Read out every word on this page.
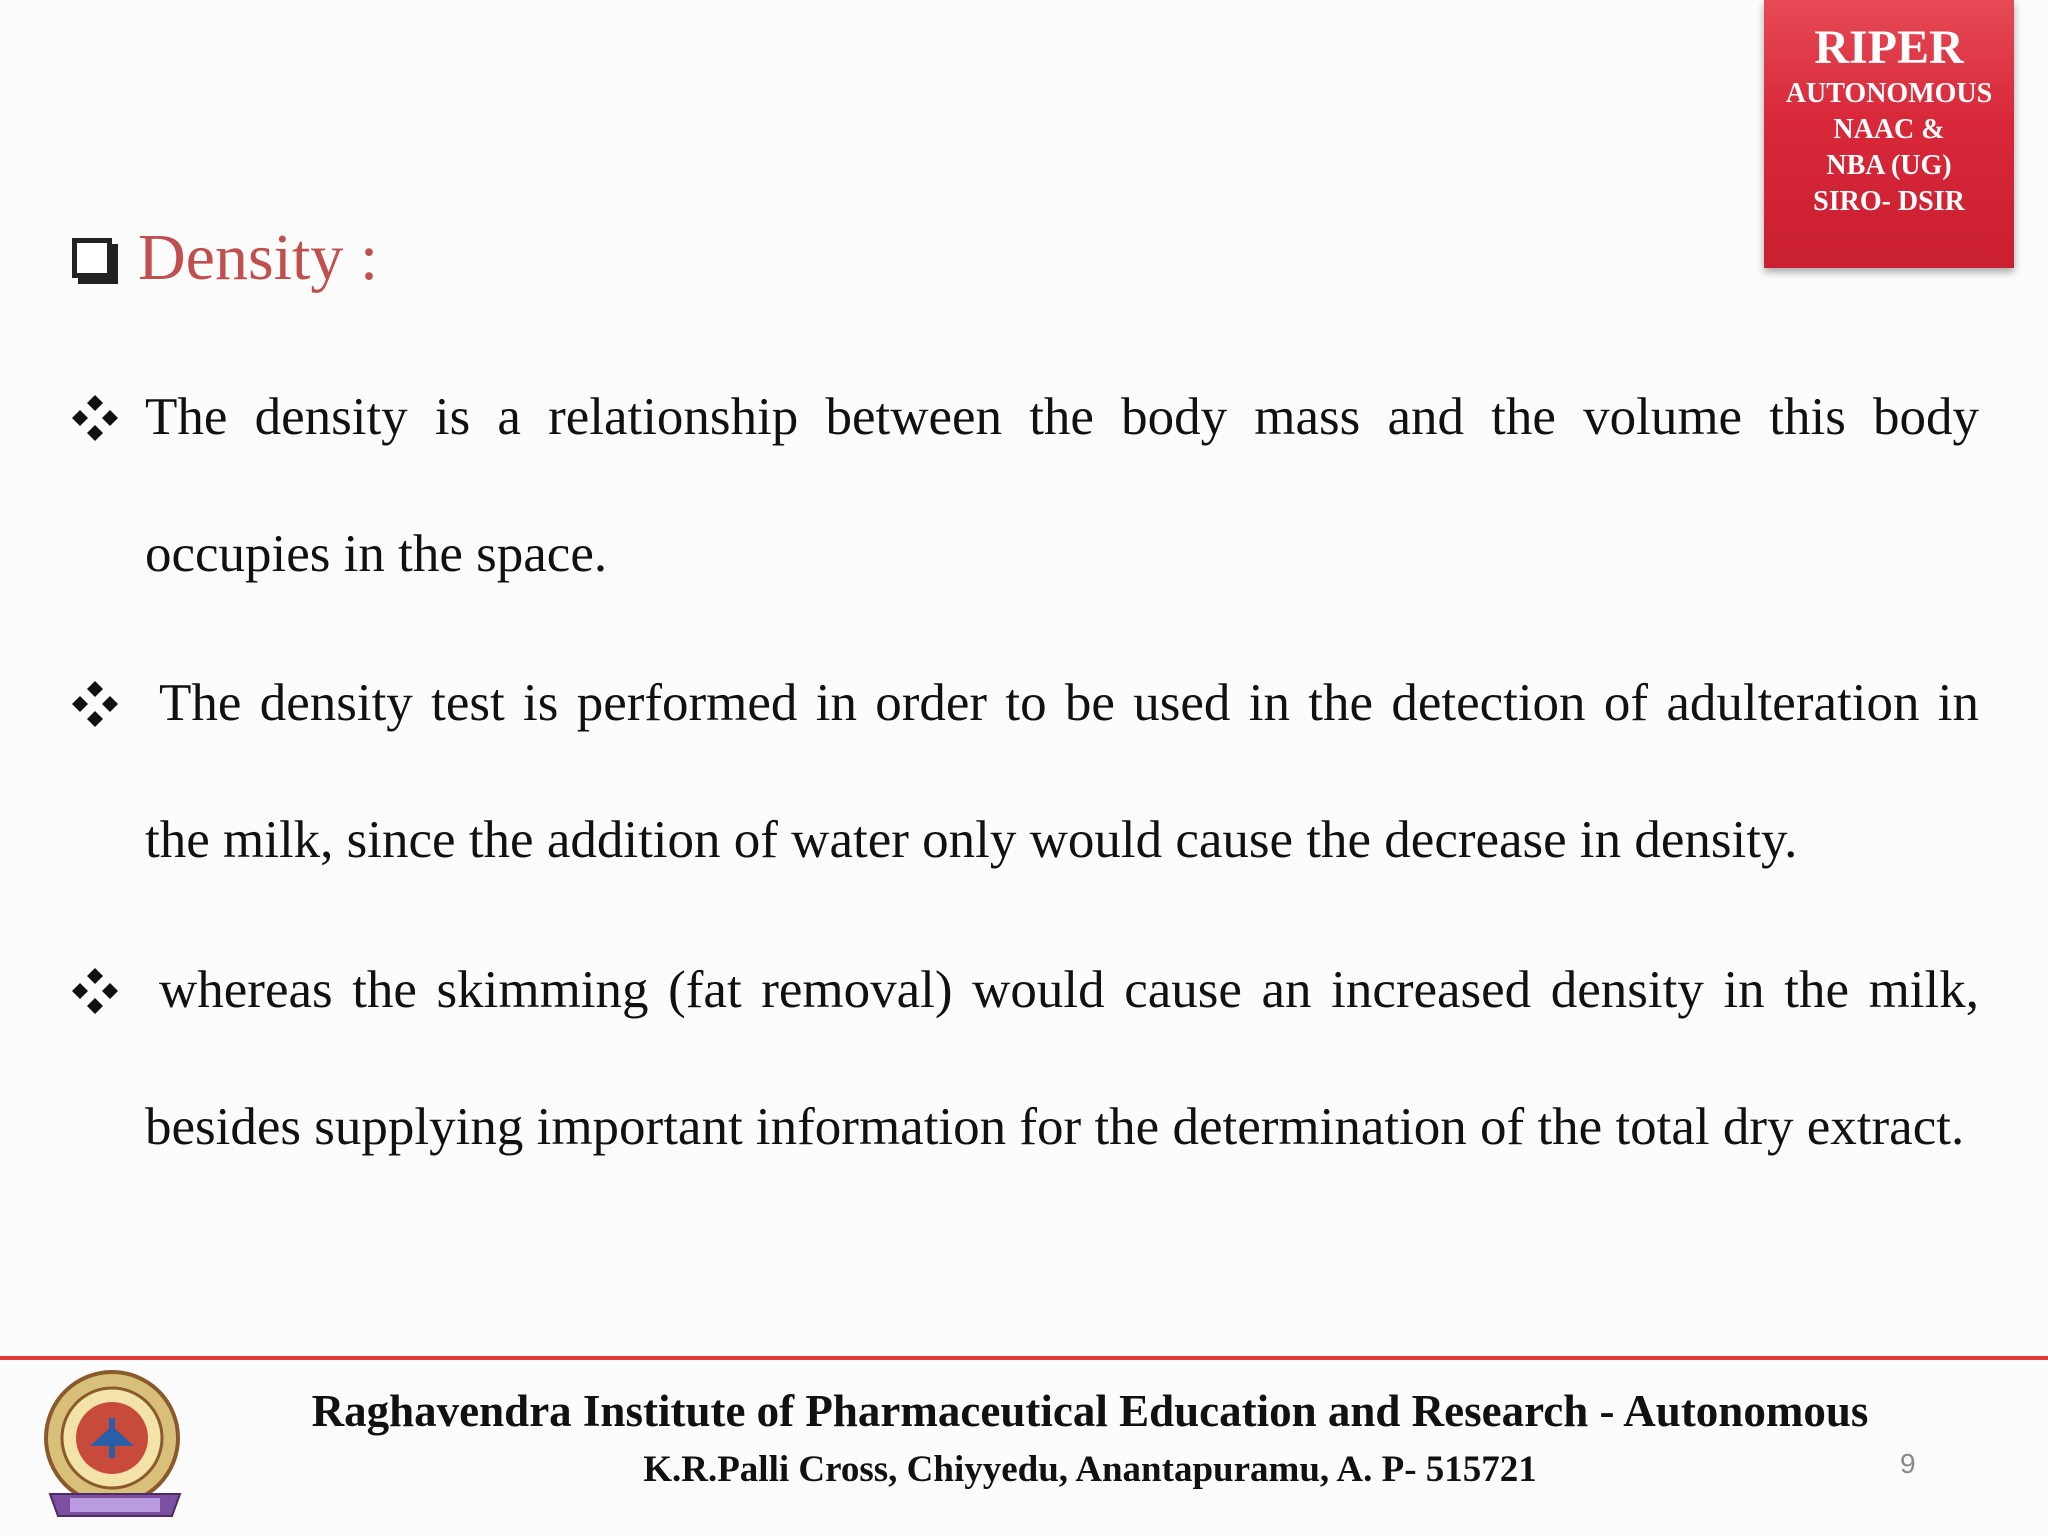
RIPER
AUTONOMOUS
NAAC &
NBA (UG)
SIRO- DSIR
Density :
The density is a relationship between the body mass and the volume this body occupies in the space.
The density test is performed in order to be used in the detection of adulteration in the milk, since the addition of water only would cause the decrease in density.
whereas the skimming (fat removal) would cause an increased density in the milk, besides supplying important information for the determination of the total dry extract.
Raghavendra Institute of Pharmaceutical Education and Research - Autonomous
K.R.Palli Cross, Chiyyedu, Anantapuramu, A. P- 515721	9
